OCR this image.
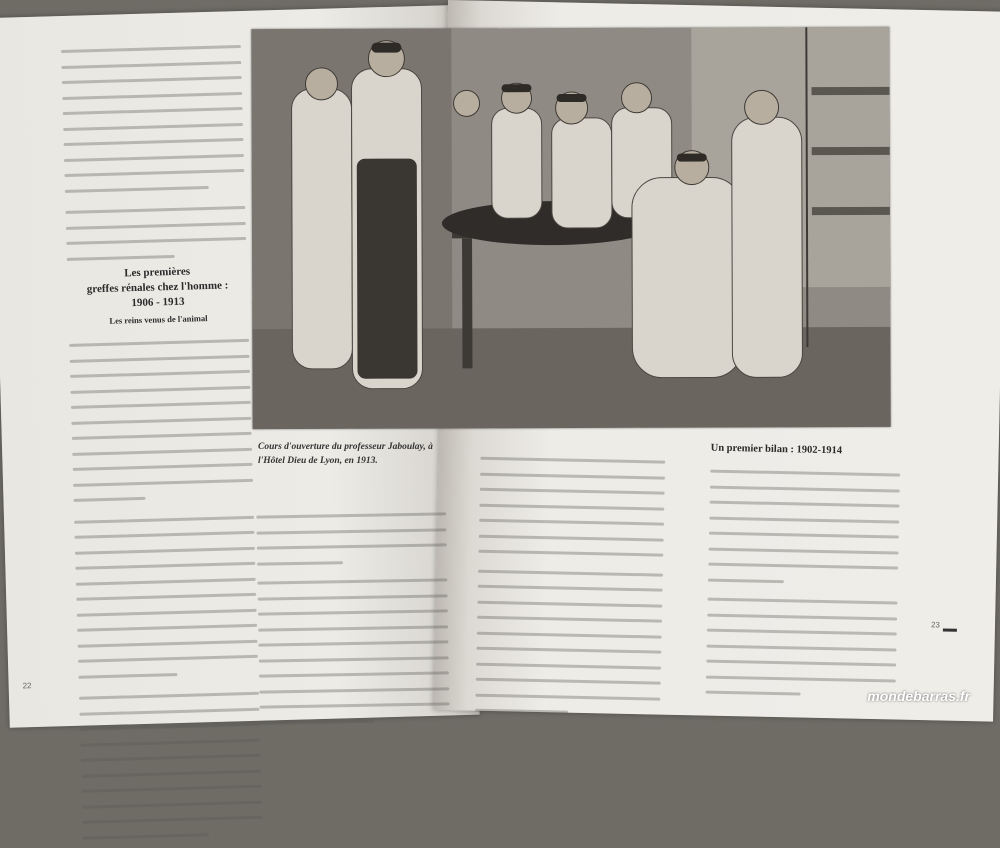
Les premières
greffes rénales chez l'homme :
1906 - 1913
Les reins venus de l'animal
22
Un premier bilan : 1902-1914
23
Cours d'ouverture du professeur Jaboulay, à l'Hôtel Dieu de Lyon, en 1913.
mondebarras.fr
